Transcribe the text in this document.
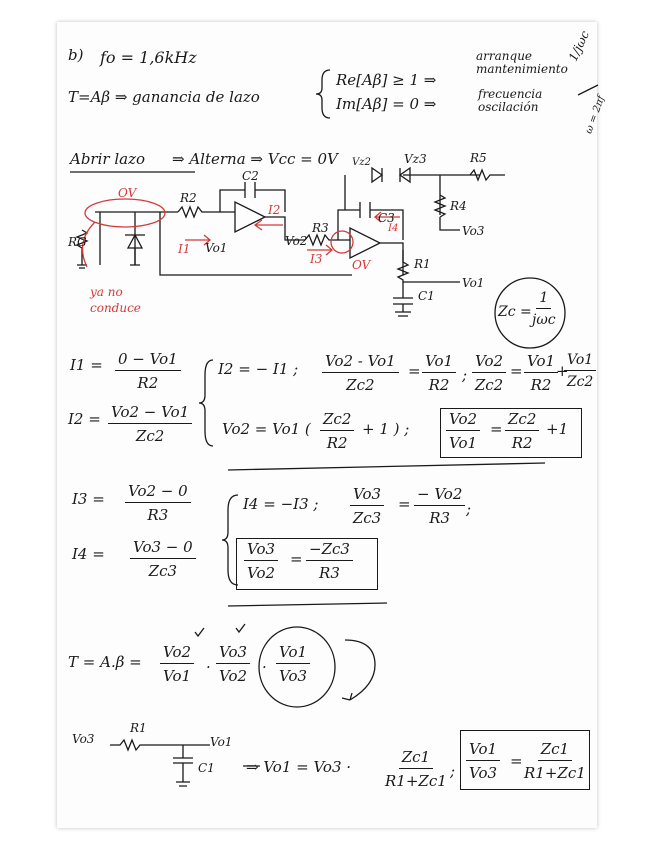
b) fo = 1,6kHz
T=Aβ ⇒ ganancia de lazo
Re[Aβ] ≥ 1 ⇒
arranque
mantenimiento
Im[Aβ] = 0 ⇒
frecuencia
oscilación
1/jωc
ω = 2πf
Abrir lazo ⇒ Alterna ⇒ Vcc = 0V
OV	R2
C2
R3
C3
Vz2	Vz3	R5
R4
Vo3
R1
C1
Vo1
Vo1	Vo2
RG	I1
I2
I3
I4
OV
ya no
conduce	Zc =
1
jωc
$I1 = \frac{0 - Vo1}{R2}$
$I2 = \frac{Vo2 - Vo1}{Zc2}$
I2 = − I1 ; $\frac{Vo2 - Vo1}{Zc2} = \frac{Vo1}{R2}$ ; $\frac{Vo2}{Zc2} = \frac{Vo1}{R2}$
+
$\frac{Vo1}{Zc2}$
Vo2 = Vo1 ( $\frac{Zc2}{R2} + 1$ ) ; $\frac{Vo2}{Vo1} = \frac{Zc2}{R2} +1$
$I3 = \frac{Vo2 - 0}{R3}$
$I4 = \frac{Vo3 - 0}{Zc3}$
I4 = −I3 ; $\frac{Vo3}{Zc3} = \frac{- Vo2}{R3}$ ;
$\frac{Vo3}{Vo2} = \frac{-Zc3}{R3}$
$T = A.\beta = \frac{Vo2}{Vo1} \cdot \frac{Vo3}{Vo2} \cdot \frac{Vo1}{Vo3}$
Vo3
R1
Vo1
C1 ⇒ $Vo1 = Vo3 \cdot \frac{Zc1}{R1+Zc1}$ ; $\frac{Vo1}{Vo3} = \frac{Zc1}{R1+Zc1}$
